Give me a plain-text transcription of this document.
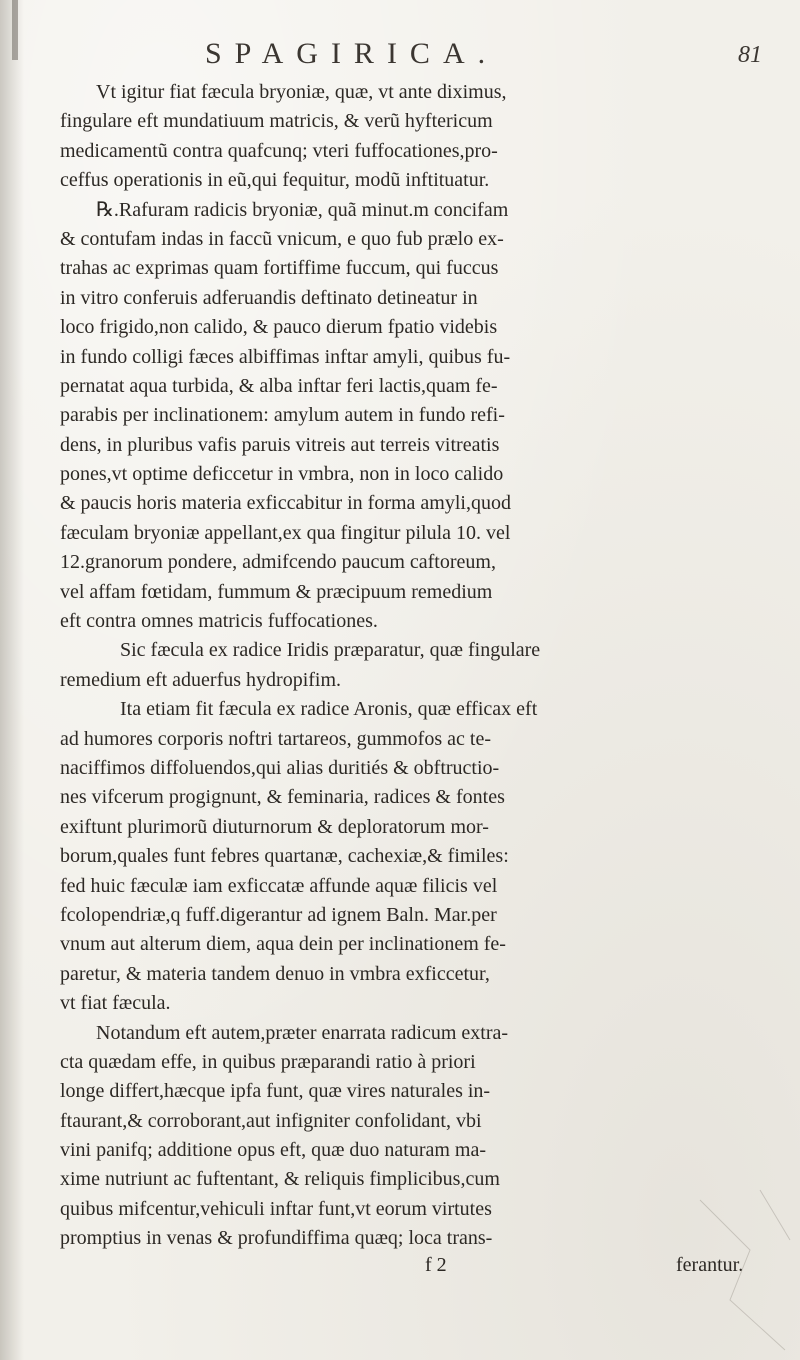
SPAGIRICA.	81
Vt igitur fiat fæcula bryoniæ, quæ, vt ante diximus,
fingulare eft mundatiuum matricis, & verũ hyftericum
medicamentũ contra quafcunq; vteri fuffocationes,pro-
ceffus operationis in eũ,qui fequitur, modũ inftituatur.
℞.Rafuram radicis bryoniæ, quã minut.m concifam
& contufam indas in faccũ vnicum, e quo fub prælo ex-
trahas ac exprimas quam fortiffime fuccum, qui fuccus
in vitro conferuis adferuandis deftinato detineatur in
loco frigido,non calido, & pauco dierum fpatio videbis
in fundo colligi fæces albiffimas inftar amyli, quibus fu-
pernatat aqua turbida, & alba inftar feri lactis,quam fe-
parabis per inclinationem: amylum autem in fundo refi-
dens, in pluribus vafis paruis vitreis aut terreis vitreatis
pones,vt optime deficcetur in vmbra, non in loco calido
& paucis horis materia exficcabitur in forma amyli,quod
fæculam bryoniæ appellant,ex qua fingitur pilula 10. vel
12.granorum pondere, admifcendo paucum caftoreum,
vel affam fœtidam, fummum & præcipuum remedium
eft contra omnes matricis fuffocationes.
Sic fæcula ex radice Iridis præparatur, quæ fingulare
remedium eft aduerfus hydropifim.
Ita etiam fit fæcula ex radice Aronis, quæ efficax eft
ad humores corporis noftri tartareos, gummofos ac te-
naciffimos diffoluendos,qui alias duritiés & obftructio-
nes vifcerum progignunt, & feminaria, radices & fontes
exiftunt plurimorũ diuturnorum & deploratorum mor-
borum,quales funt febres quartanæ, cachexiæ,& fimiles:
fed huic fæculæ iam exficcatæ affunde aquæ filicis vel
fcolopendriæ,q fuff.digerantur ad ignem Baln. Mar.per
vnum aut alterum diem, aqua dein per inclinationem fe-
paretur, & materia tandem denuo in vmbra exficcetur,
vt fiat fæcula.
Notandum eft autem,præter enarrata radicum extra-
cta quædam effe, in quibus præparandi ratio à priori
longe differt,hæcque ipfa funt, quæ vires naturales in-
ftaurant,& corroborant,aut infigniter confolidant, vbi
vini panifq; additione opus eft, quæ duo naturam ma-
xime nutriunt ac fuftentant, & reliquis fimplicibus,cum
quibus mifcentur,vehiculi inftar funt,vt eorum virtutes
promptius in venas & profundiffima quæq; loca trans-
f 2	ferantur.
